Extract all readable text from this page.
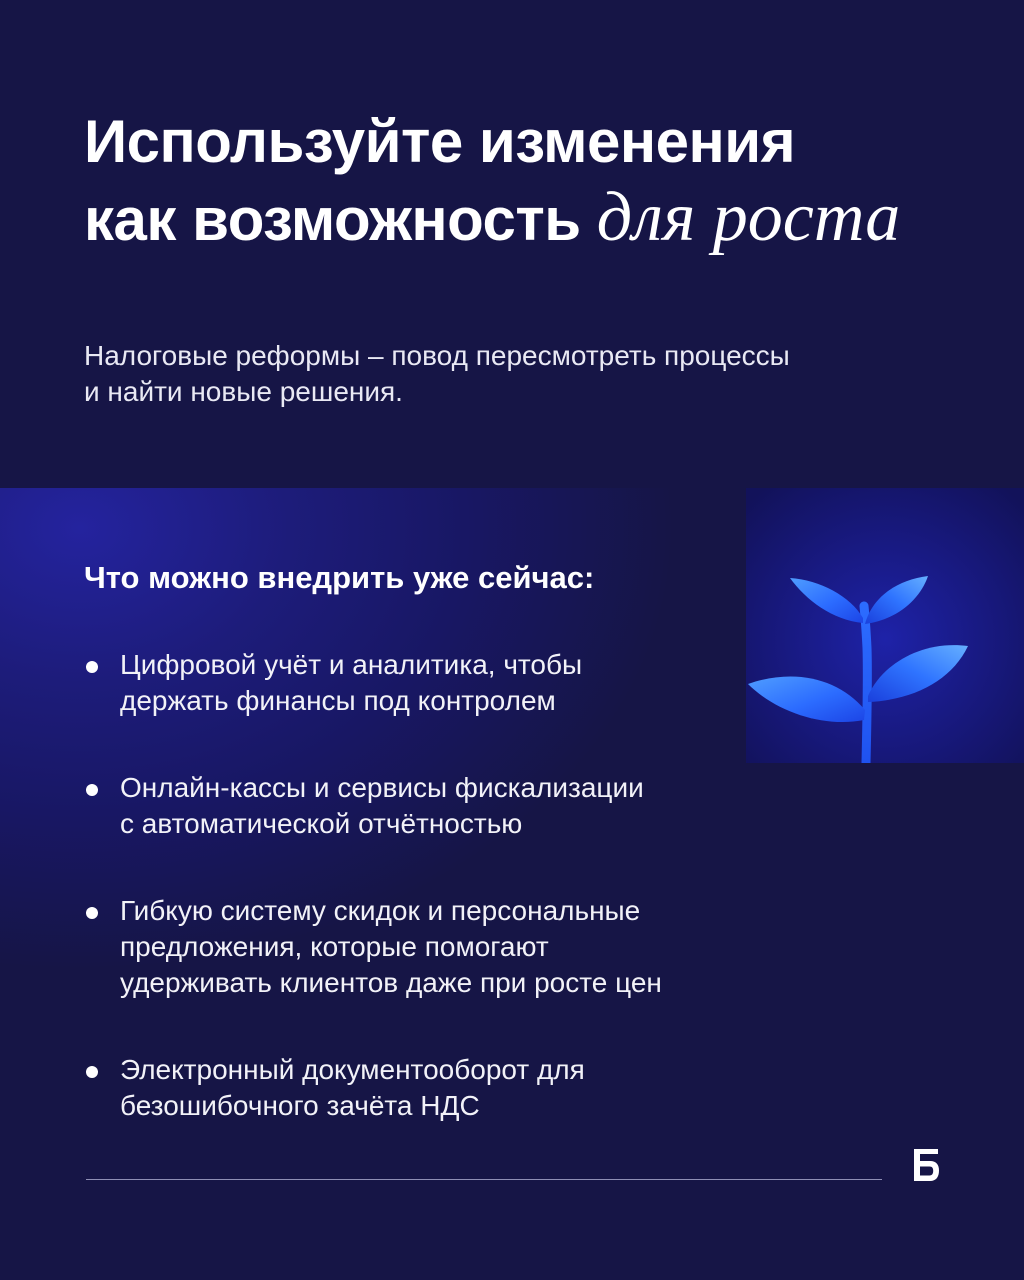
Используйте изменения
как возможность для роста

Налоговые реформы – повод пересмотреть процессы
и найти новые решения.

Что можно внедрить уже сейчас:
Цифровой учёт и аналитика, чтобы
держать финансы под контролем
Онлайн-кассы и сервисы фискализации
с автоматической отчётностью
Гибкую систему скидок и персональные
предложения, которые помогают
удерживать клиентов даже при росте цен
Электронный документооборот для
безошибочного зачёта НДС
